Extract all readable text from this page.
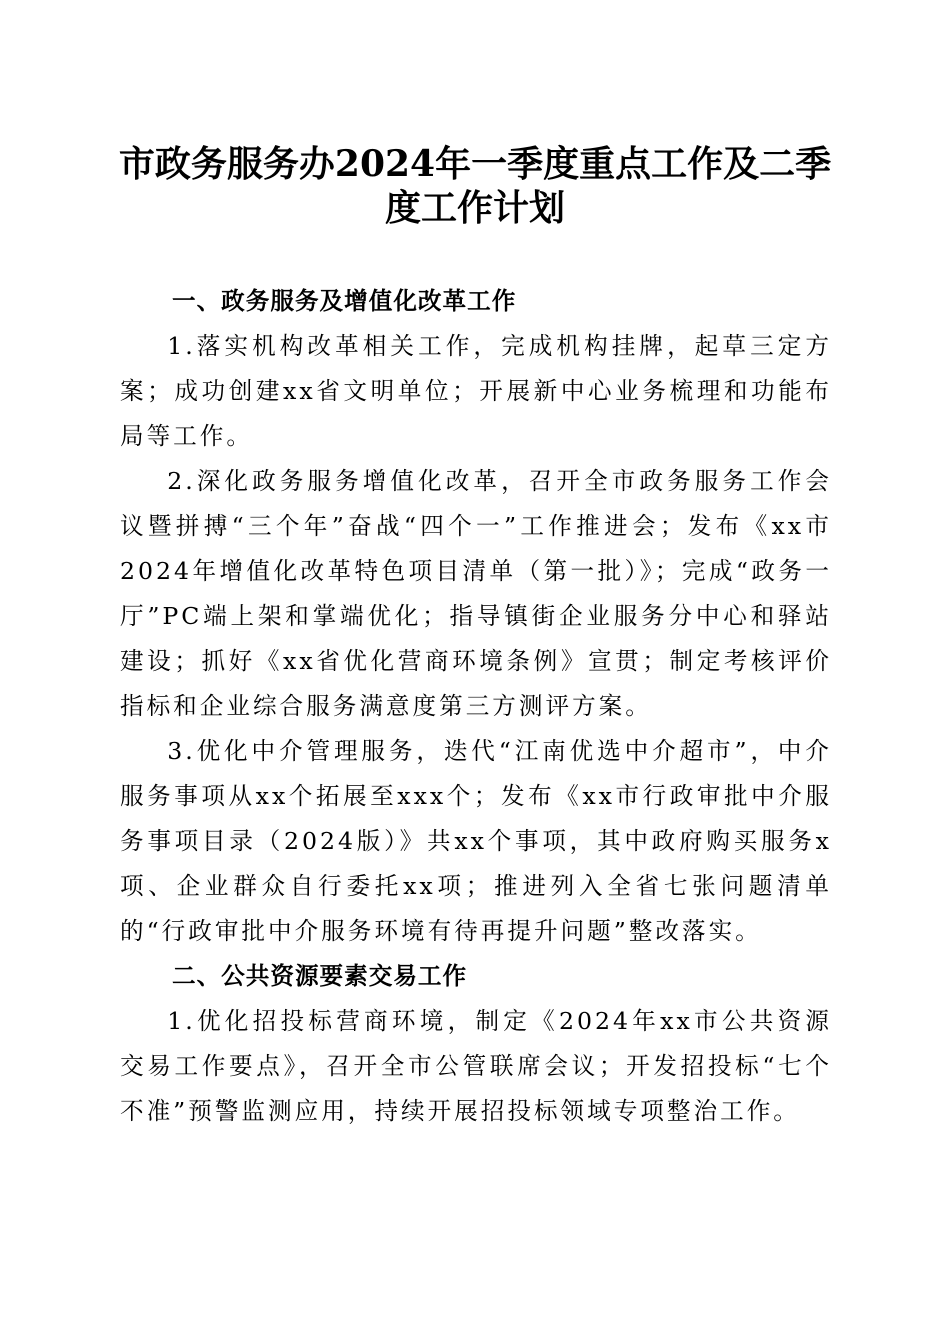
市政务服务办2024年一季度重点工作及二季
度工作计划
一、政务服务及增值化改革工作

1.落实机构改革相关工作，完成机构挂牌，起草三定方案；成功创建xx省文明单位；开展新中心业务梳理和功能布局等工作。

2.深化政务服务增值化改革，召开全市政务服务工作会议暨拼搏“三个年”奋战“四个一”工作推进会；发布《xx市2024年增值化改革特色项目清单（第一批）》；完成“政务一厅”PC端上架和掌端优化；指导镇街企业服务分中心和驿站建设；抓好《xx省优化营商环境条例》宣贯；制定考核评价指标和企业综合服务满意度第三方测评方案。

3.优化中介管理服务，迭代“江南优选中介超市”，中介服务事项从xx个拓展至xxx个；发布《xx市行政审批中介服务事项目录（2024版）》共xx个事项，其中政府购买服务x项、企业群众自行委托xx项；推进列入全省七张问题清单的“行政审批中介服务环境有待再提升问题”整改落实。

二、公共资源要素交易工作

1.优化招投标营商环境，制定《2024年xx市公共资源交易工作要点》，召开全市公管联席会议；开发招投标“七个不准”预警监测应用，持续开展招投标领域专项整治工作。
